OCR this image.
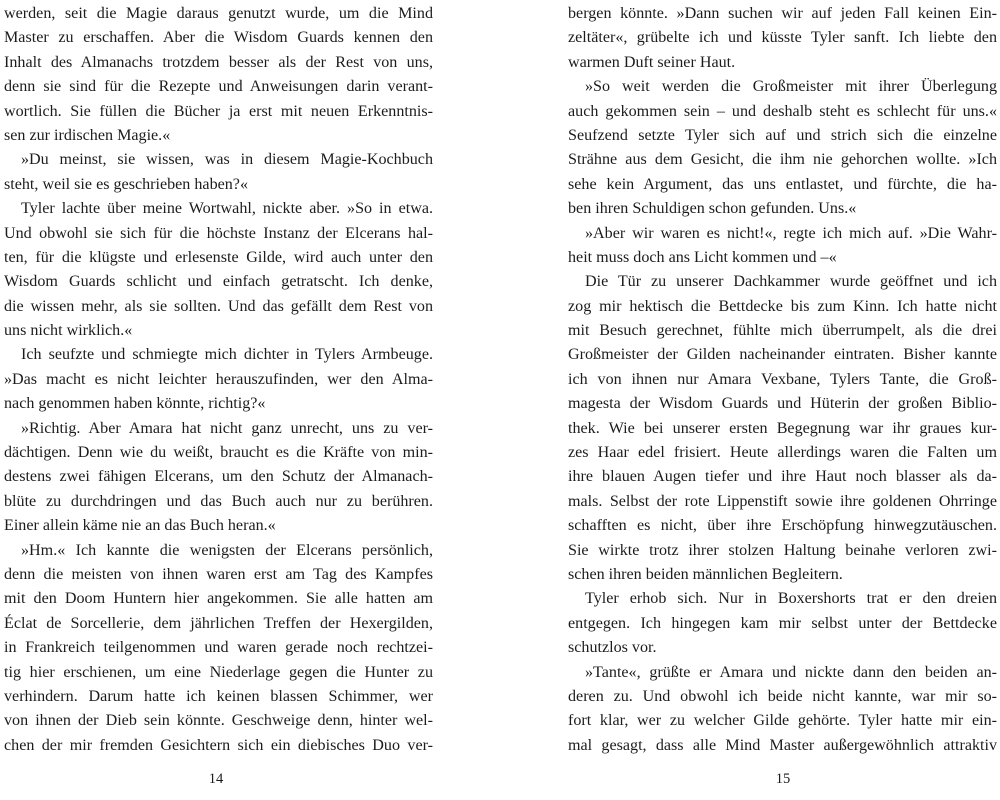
werden, seit die Magie daraus genutzt wurde, um die Mind
Master zu erschaffen. Aber die Wisdom Guards kennen den
Inhalt des Almanachs trotzdem besser als der Rest von uns,
denn sie sind für die Rezepte und Anweisungen darin verant-
wortlich. Sie füllen die Bücher ja erst mit neuen Erkenntnis-
sen zur irdischen Magie.«
»Du meinst, sie wissen, was in diesem Magie-Kochbuch
steht, weil sie es geschrieben haben?«
Tyler lachte über meine Wortwahl, nickte aber. »So in etwa.
Und obwohl sie sich für die höchste Instanz der Elcerans hal-
ten, für die klügste und erlesenste Gilde, wird auch unter den
Wisdom Guards schlicht und einfach getratscht. Ich denke,
die wissen mehr, als sie sollten. Und das gefällt dem Rest von
uns nicht wirklich.«
Ich seufzte und schmiegte mich dichter in Tylers Armbeuge.
»Das macht es nicht leichter herauszufinden, wer den Alma-
nach genommen haben könnte, richtig?«
»Richtig. Aber Amara hat nicht ganz unrecht, uns zu ver-
dächtigen. Denn wie du weißt, braucht es die Kräfte von min-
destens zwei fähigen Elcerans, um den Schutz der Almanach-
blüte zu durchdringen und das Buch auch nur zu berühren.
Einer allein käme nie an das Buch heran.«
»Hm.« Ich kannte die wenigsten der Elcerans persönlich,
denn die meisten von ihnen waren erst am Tag des Kampfes
mit den Doom Huntern hier angekommen. Sie alle hatten am
Éclat de Sorcellerie, dem jährlichen Treffen der Hexergilden,
in Frankreich teilgenommen und waren gerade noch rechtzei-
tig hier erschienen, um eine Niederlage gegen die Hunter zu
verhindern. Darum hatte ich keinen blassen Schimmer, wer
von ihnen der Dieb sein könnte. Geschweige denn, hinter wel-
chen der mir fremden Gesichtern sich ein diebisches Duo ver-
bergen könnte. »Dann suchen wir auf jeden Fall keinen Ein-
zeltäter«, grübelte ich und küsste Tyler sanft. Ich liebte den
warmen Duft seiner Haut.
»So weit werden die Großmeister mit ihrer Überlegung
auch gekommen sein – und deshalb steht es schlecht für uns.«
Seufzend setzte Tyler sich auf und strich sich die einzelne
Strähne aus dem Gesicht, die ihm nie gehorchen wollte. »Ich
sehe kein Argument, das uns entlastet, und fürchte, die ha-
ben ihren Schuldigen schon gefunden. Uns.«
»Aber wir waren es nicht!«, regte ich mich auf. »Die Wahr-
heit muss doch ans Licht kommen und –«
Die Tür zu unserer Dachkammer wurde geöffnet und ich
zog mir hektisch die Bettdecke bis zum Kinn. Ich hatte nicht
mit Besuch gerechnet, fühlte mich überrumpelt, als die drei
Großmeister der Gilden nacheinander eintraten. Bisher kannte
ich von ihnen nur Amara Vexbane, Tylers Tante, die Groß-
magesta der Wisdom Guards und Hüterin der großen Biblio-
thek. Wie bei unserer ersten Begegnung war ihr graues kur-
zes Haar edel frisiert. Heute allerdings waren die Falten um
ihre blauen Augen tiefer und ihre Haut noch blasser als da-
mals. Selbst der rote Lippenstift sowie ihre goldenen Ohrringe
schafften es nicht, über ihre Erschöpfung hinwegzutäuschen.
Sie wirkte trotz ihrer stolzen Haltung beinahe verloren zwi-
schen ihren beiden männlichen Begleitern.
Tyler erhob sich. Nur in Boxershorts trat er den dreien
entgegen. Ich hingegen kam mir selbst unter der Bettdecke
schutzlos vor.
»Tante«, grüßte er Amara und nickte dann den beiden an-
deren zu. Und obwohl ich beide nicht kannte, war mir so-
fort klar, wer zu welcher Gilde gehörte. Tyler hatte mir ein-
mal gesagt, dass alle Mind Master außergewöhnlich attraktiv
14	15
